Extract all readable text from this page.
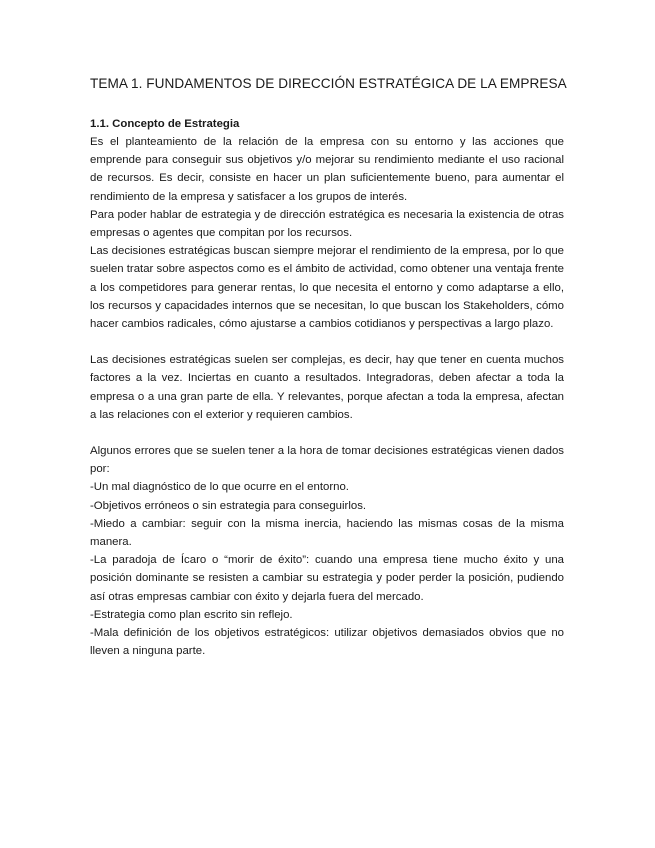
TEMA 1. FUNDAMENTOS DE DIRECCIÓN ESTRATÉGICA DE LA EMPRESA
1.1. Concepto de Estrategia

Es el planteamiento de la relación de la empresa con su entorno y las acciones que emprende para conseguir sus objetivos y/o mejorar su rendimiento mediante el uso racional de recursos. Es decir, consiste en hacer un plan suficientemente bueno, para aumentar el rendimiento de la empresa y satisfacer a los grupos de interés.

Para poder hablar de estrategia y de dirección estratégica es necesaria la existencia de otras empresas o agentes que compitan por los recursos.

Las decisiones estratégicas buscan siempre mejorar el rendimiento de la empresa, por lo que suelen tratar sobre aspectos como es el ámbito de actividad, como obtener una ventaja frente a los competidores para generar rentas, lo que necesita el entorno y como adaptarse a ello, los recursos y capacidades internos que se necesitan, lo que buscan los Stakeholders, cómo hacer cambios radicales, cómo ajustarse a cambios cotidianos y perspectivas a largo plazo.

Las decisiones estratégicas suelen ser complejas, es decir, hay que tener en cuenta muchos factores a la vez. Inciertas en cuanto a resultados. Integradoras, deben afectar a toda la empresa o a una gran parte de ella. Y relevantes, porque afectan a toda la empresa, afectan a las relaciones con el exterior y requieren cambios.

Algunos errores que se suelen tener a la hora de tomar decisiones estratégicas vienen dados por:

-Un mal diagnóstico de lo que ocurre en el entorno.

-Objetivos erróneos o sin estrategia para conseguirlos.

-Miedo a cambiar: seguir con la misma inercia, haciendo las mismas cosas de la misma manera.

-La paradoja de Ícaro o “morir de éxito”: cuando una empresa tiene mucho éxito y una posición dominante se resisten a cambiar su estrategia y poder perder la posición, pudiendo así otras empresas cambiar con éxito y dejarla fuera del mercado.

-Estrategia como plan escrito sin reflejo.

-Mala definición de los objetivos estratégicos: utilizar objetivos demasiados obvios que no lleven a ninguna parte.
